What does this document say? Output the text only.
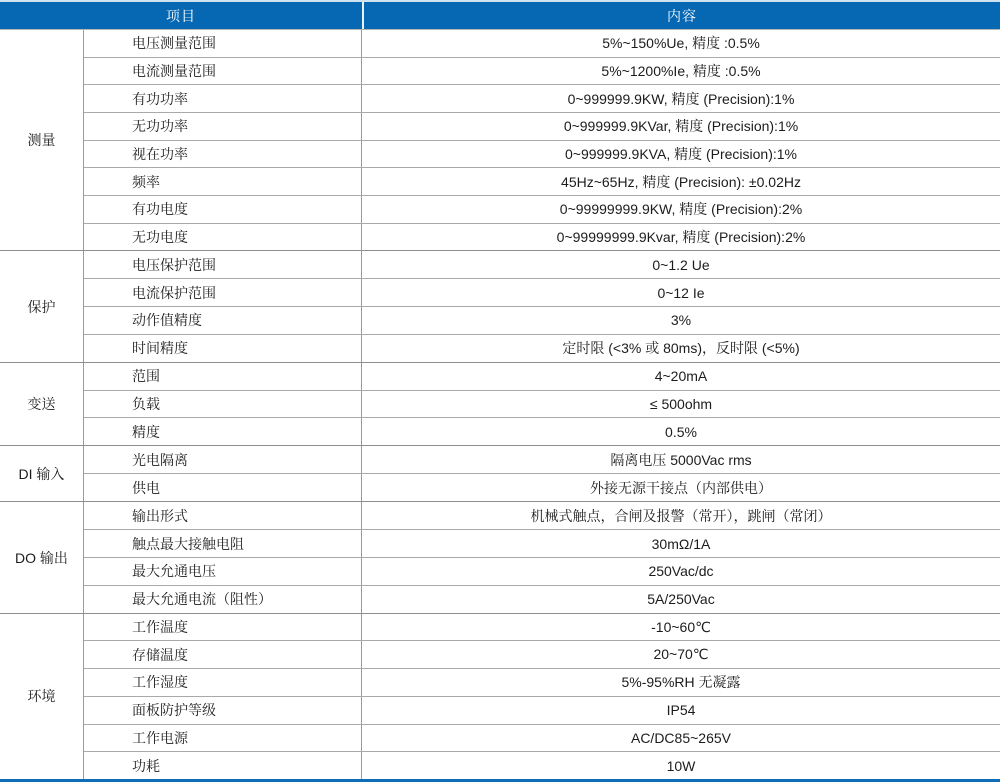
项目	内容
测量
电压测量范围	5%~150%Ue, 精度 :0.5%
电流测量范围	5%~1200%Ie, 精度 :0.5%
有功功率	0~999999.9KW, 精度 (Precision):1%
无功功率	0~999999.9KVar, 精度 (Precision):1%
视在功率	0~999999.9KVA, 精度 (Precision):1%
频率	45Hz~65Hz, 精度 (Precision): ±0.02Hz
有功电度	0~99999999.9KW, 精度 (Precision):2%
无功电度	0~99999999.9Kvar, 精度 (Precision):2%
保护
电压保护范围	0~1.2 Ue
电流保护范围	0~12 Ie
动作值精度	3%
时间精度	定时限 (<3% 或 80ms)，反时限 (<5%)
变送
范围	4~20mA
负载	≤ 500ohm
精度	0.5%
DI 输入
光电隔离	隔离电压 5000Vac rms
供电	外接无源干接点（内部供电）
DO 输出
输出形式	机械式触点，合闸及报警（常开），跳闸（常闭）
触点最大接触电阻	30mΩ/1A
最大允通电压	250Vac/dc
最大允通电流（阻性）	5A/250Vac
环境
工作温度	-10~60℃
存储温度	20~70℃
工作湿度	5%-95%RH 无凝露
面板防护等级	IP54
工作电源	AC/DC85~265V
功耗	10W
